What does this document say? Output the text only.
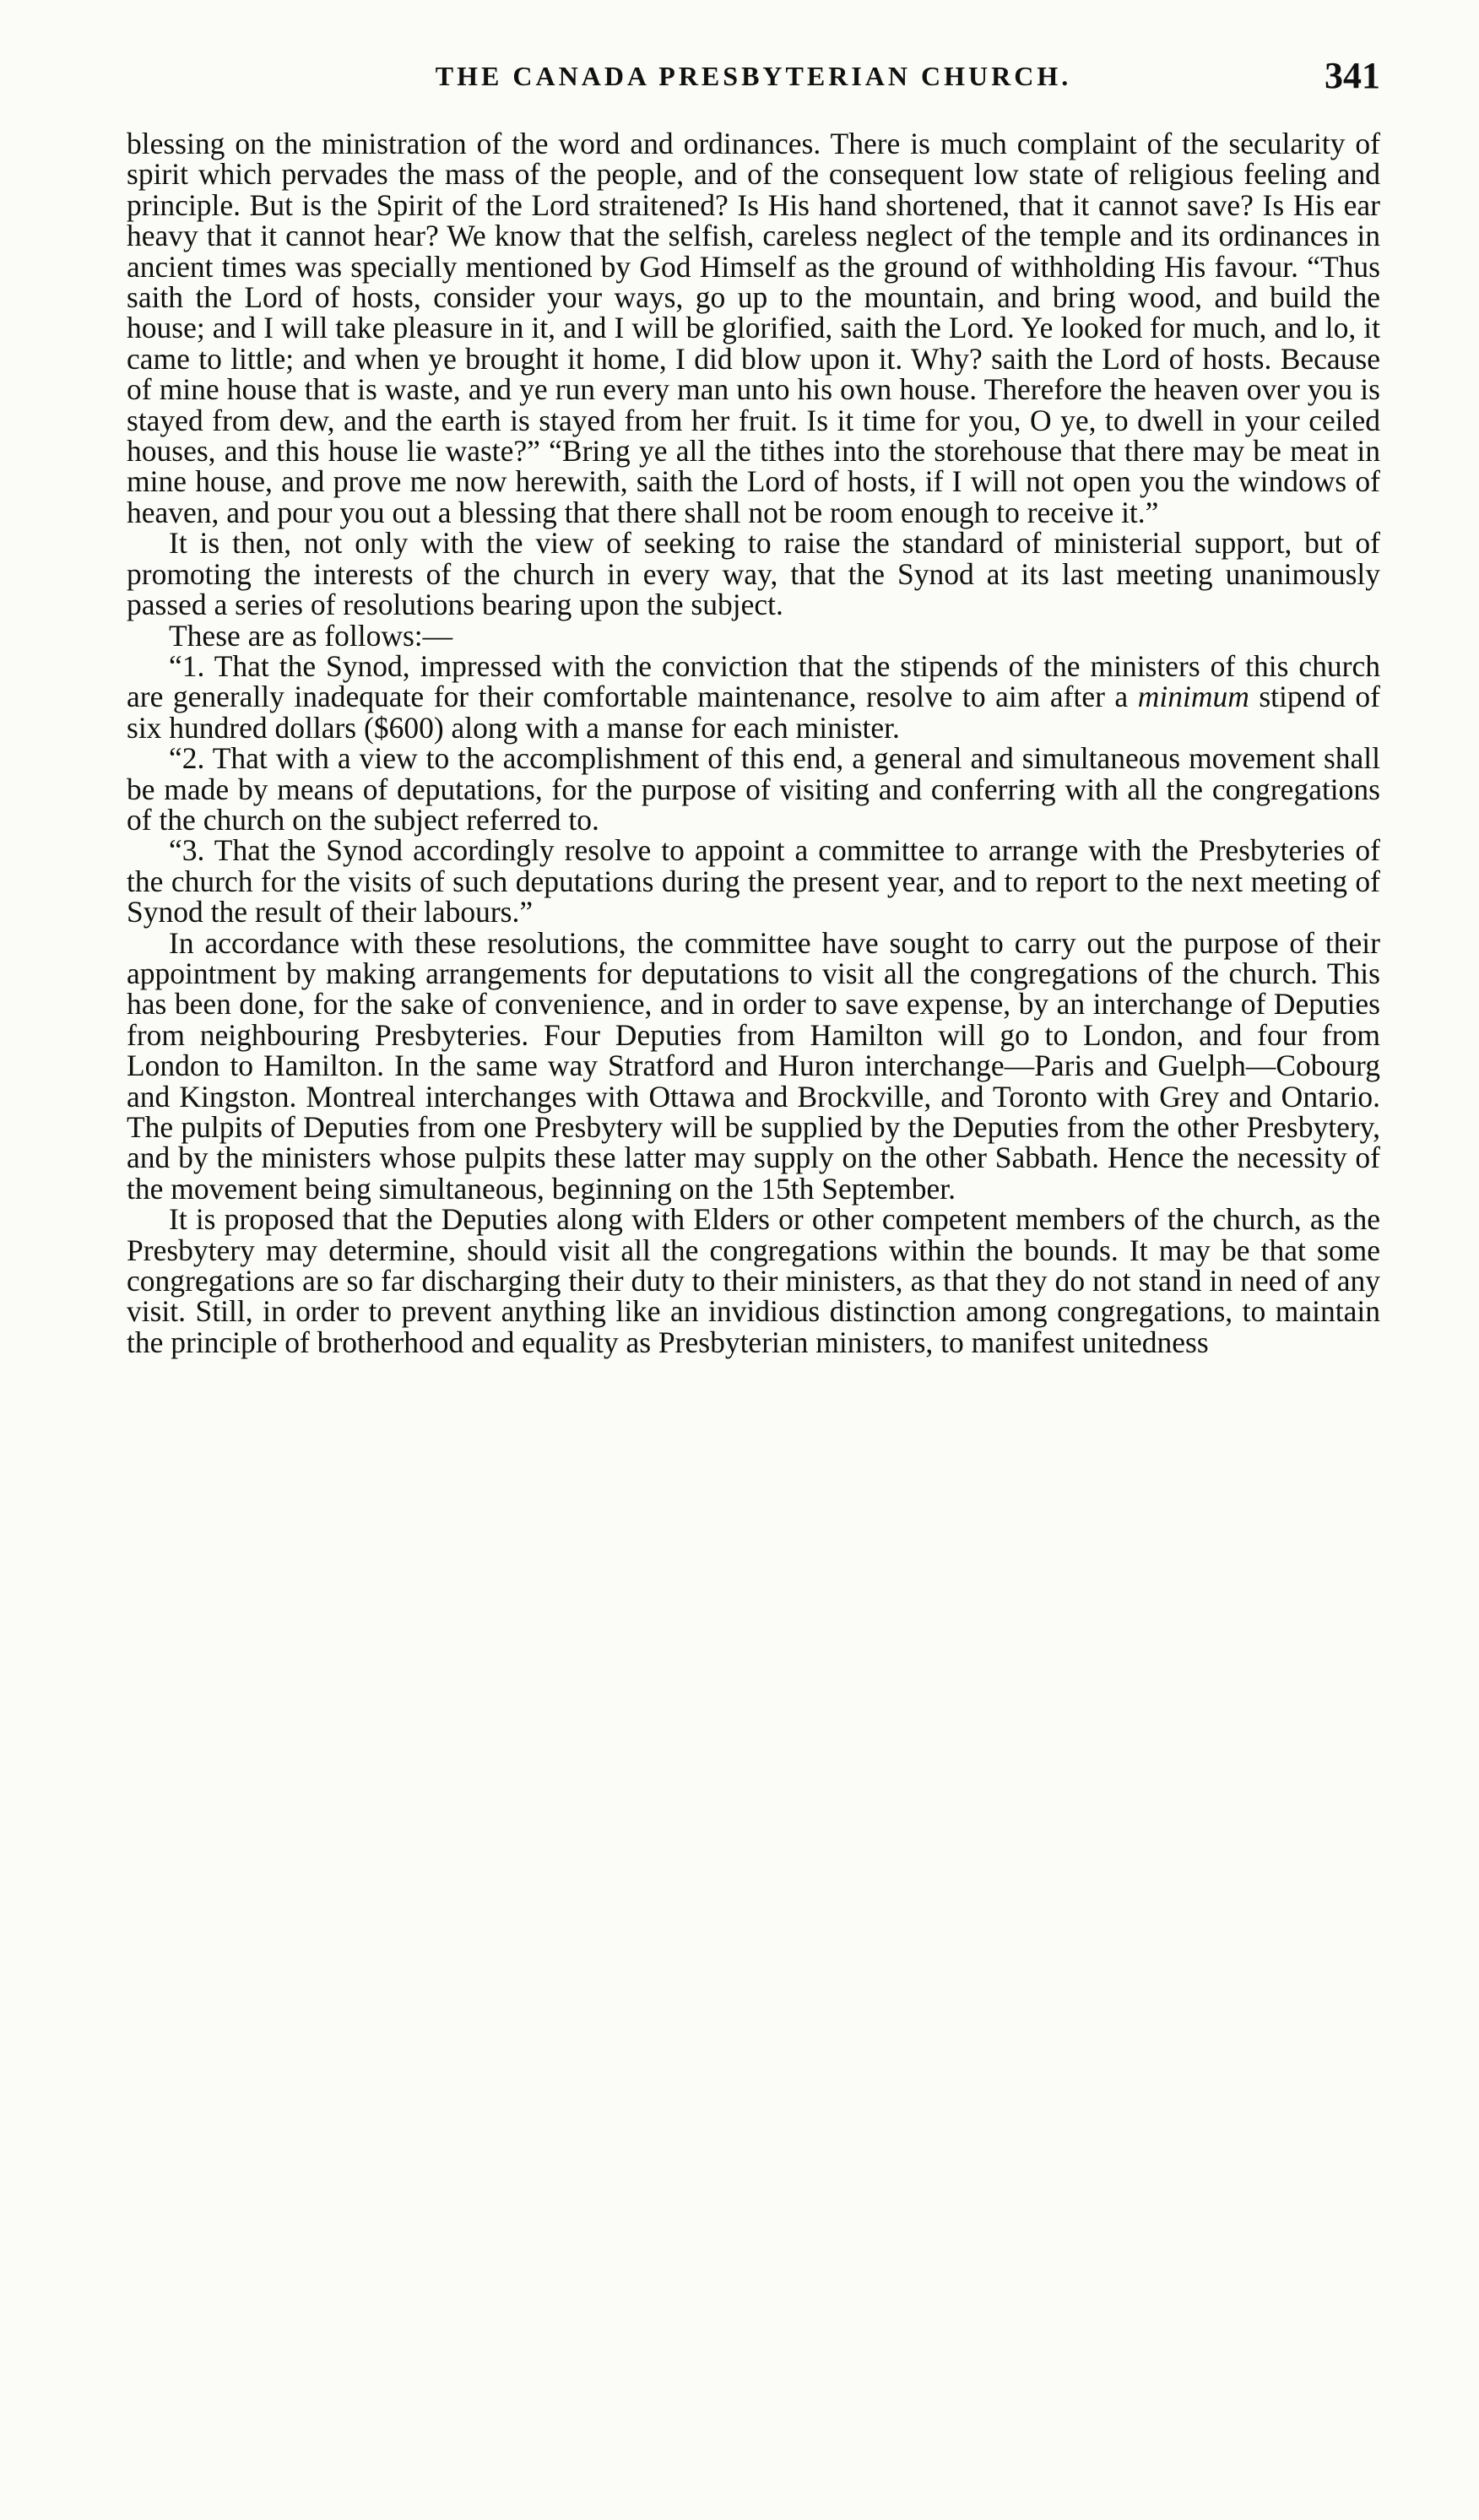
THE CANADA PRESBYTERIAN CHURCH.	341

blessing on the ministration of the word and ordinances. There is much complaint of the secularity of spirit which pervades the mass of the people, and of the consequent low state of religious feeling and principle. But is the Spirit of the Lord straitened? Is His hand shortened, that it cannot save? Is His ear heavy that it cannot hear? We know that the selfish, careless neglect of the temple and its ordinances in ancient times was specially mentioned by God Himself as the ground of withholding His favour. “Thus saith the Lord of hosts, consider your ways, go up to the mountain, and bring wood, and build the house; and I will take pleasure in it, and I will be glorified, saith the Lord. Ye looked for much, and lo, it came to little; and when ye brought it home, I did blow upon it. Why? saith the Lord of hosts. Because of mine house that is waste, and ye run every man unto his own house. Therefore the heaven over you is stayed from dew, and the earth is stayed from her fruit. Is it time for you, O ye, to dwell in your ceiled houses, and this house lie waste?” “Bring ye all the tithes into the storehouse that there may be meat in mine house, and prove me now herewith, saith the Lord of hosts, if I will not open you the windows of heaven, and pour you out a blessing that there shall not be room enough to receive it.”

It is then, not only with the view of seeking to raise the standard of ministerial support, but of promoting the interests of the church in every way, that the Synod at its last meeting unanimously passed a series of resolutions bearing upon the subject.

These are as follows:—

“1. That the Synod, impressed with the conviction that the stipends of the ministers of this church are generally inadequate for their comfortable maintenance, resolve to aim after a minimum stipend of six hundred dollars ($600) along with a manse for each minister.

“2. That with a view to the accomplishment of this end, a general and simultaneous movement shall be made by means of deputations, for the purpose of visiting and conferring with all the congregations of the church on the subject referred to.

“3. That the Synod accordingly resolve to appoint a committee to arrange with the Presbyteries of the church for the visits of such deputations during the present year, and to report to the next meeting of Synod the result of their labours.”

In accordance with these resolutions, the committee have sought to carry out the purpose of their appointment by making arrangements for deputations to visit all the congregations of the church. This has been done, for the sake of convenience, and in order to save expense, by an interchange of Deputies from neighbouring Presbyteries. Four Deputies from Hamilton will go to London, and four from London to Hamilton. In the same way Stratford and Huron interchange—Paris and Guelph—Cobourg and Kingston. Montreal interchanges with Ottawa and Brockville, and Toronto with Grey and Ontario. The pulpits of Deputies from one Presbytery will be supplied by the Deputies from the other Presbytery, and by the ministers whose pulpits these latter may supply on the other Sabbath. Hence the necessity of the movement being simultaneous, beginning on the 15th September.

It is proposed that the Deputies along with Elders or other competent members of the church, as the Presbytery may determine, should visit all the congregations within the bounds. It may be that some congregations are so far discharging their duty to their ministers, as that they do not stand in need of any visit. Still, in order to prevent anything like an invidious distinction among congregations, to maintain the principle of brotherhood and equality as Presbyterian ministers, to manifest unitedness
